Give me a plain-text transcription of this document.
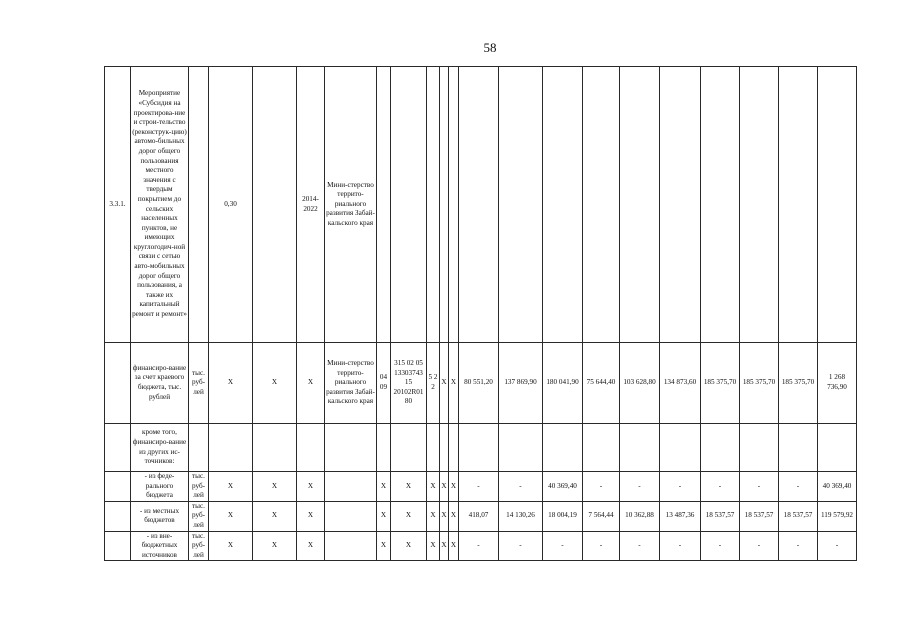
58
3.3.1.	Мероприятие «Субсидия на проектирова-ние и строи-тельство (реконструк-цию) автомо-бильных дорог общего пользования местного значения с твердым покрытием до сельских населенных пунктов, не имеющих круглогодич-ной связи с сетью авто-мобильных дорог общего пользования, а также их капитальный ремонт и ремонт»		0,30		2014-2022	Мини-стерство террито-риального развития Забай-кальского края															
	финансиро-вание за счет краевого бюджета, тыс. рублей	тыс. руб-лей	X	X	X	Мини-стерство террито-риального развития Забай-кальского края	04 09	315 02 05 13303743 15 20102R01 80	5 2 2	X	X	80 551,20	137 869,90	180 041,90	75 644,40	103 628,80	134 873,60	185 375,70	185 375,70	185 375,70	1 268 736,90
	кроме того, финансиро-вание из других ис-точников:																				
	- из феде-рального бюджета	тыс. руб-лей	X	X	X		X	X	X	X	X	-	-	40 369,40	-	-	-	-	-	-	40 369,40
	- из местных бюджетов	тыс. руб-лей	X	X	X		X	X	X	X	X	418,07	14 130,26	18 004,19	7 564,44	10 362,88	13 487,36	18 537,57	18 537,57	18 537,57	119 579,92
	- из вне-бюджетных источников	тыс. руб-лей	X	X	X		X	X	X	X	X	-	-	-	-	-	-	-	-	-	-
